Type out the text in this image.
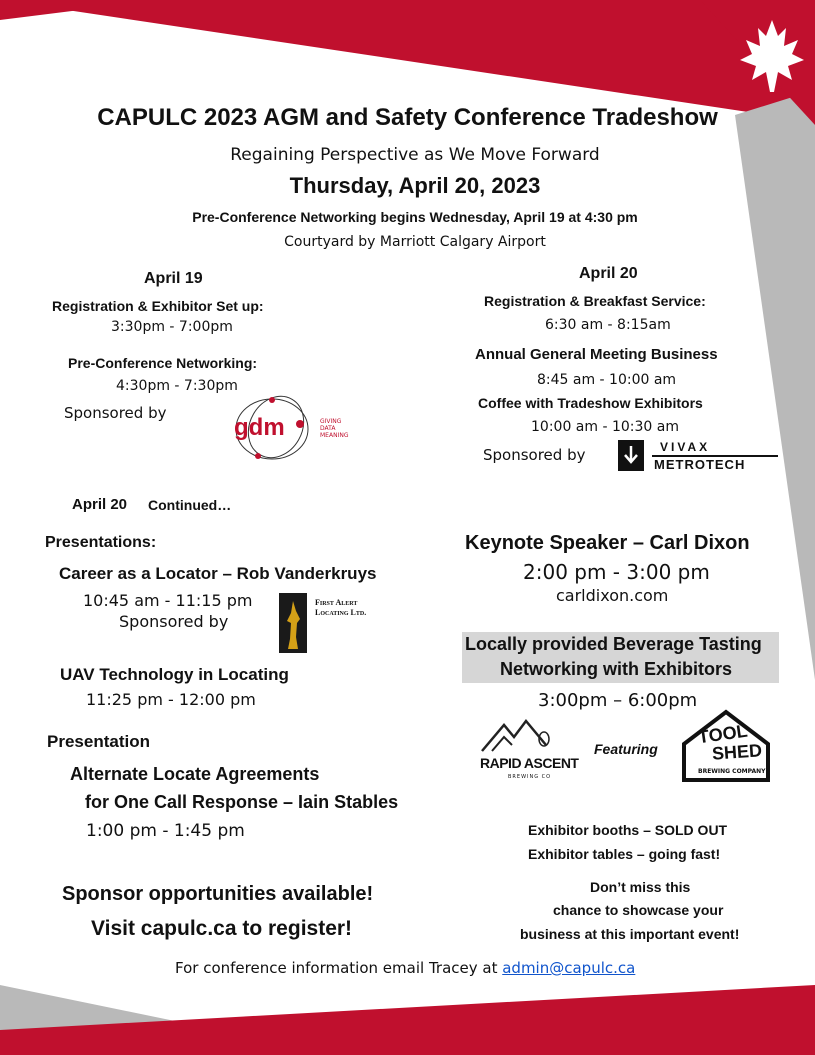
CAPULC 2023 AGM and Safety Conference Tradeshow
Regaining Perspective as We Move Forward
Thursday, April 20, 2023
Pre-Conference Networking begins Wednesday, April 19 at 4:30 pm
Courtyard by Marriott Calgary Airport
April 19
Registration & Exhibitor Set up:
3:30pm - 7:00pm
Pre-Conference Networking:
4:30pm - 7:30pm
Sponsored by
gdm	GIVING
DATA
MEANING
April 20
Registration & Breakfast Service:
6:30 am - 8:15am
Annual General Meeting Business
8:45 am - 10:00 am
Coffee with Tradeshow Exhibitors
10:00 am - 10:30 am
Sponsored by	VIVAX
METROTECH
April 20 Continued…
Presentations:
Career as a Locator – Rob Vanderkruys
10:45 am - 11:15 pm
Sponsored by
First Alert
Locating Ltd.
UAV Technology in Locating
11:25 pm - 12:00 pm
Presentation
Alternate Locate Agreements
for One Call Response – Iain Stables
1:00 pm - 1:45 pm
Sponsor opportunities available!
Visit capulc.ca to register!
Keynote Speaker – Carl Dixon
2:00 pm - 3:00 pm
carldixon.com
Locally provided Beverage Tasting
Networking with Exhibitors
3:00pm – 6:00pm
RAPID ASCENT
BREWING CO
Featuring
TOOL
SHED
BREWING COMPANY
Exhibitor booths – SOLD OUT
Exhibitor tables – going fast!
Don’t miss this
chance to showcase your
business at this important event!
For conference information email Tracey at admin@capulc.ca
